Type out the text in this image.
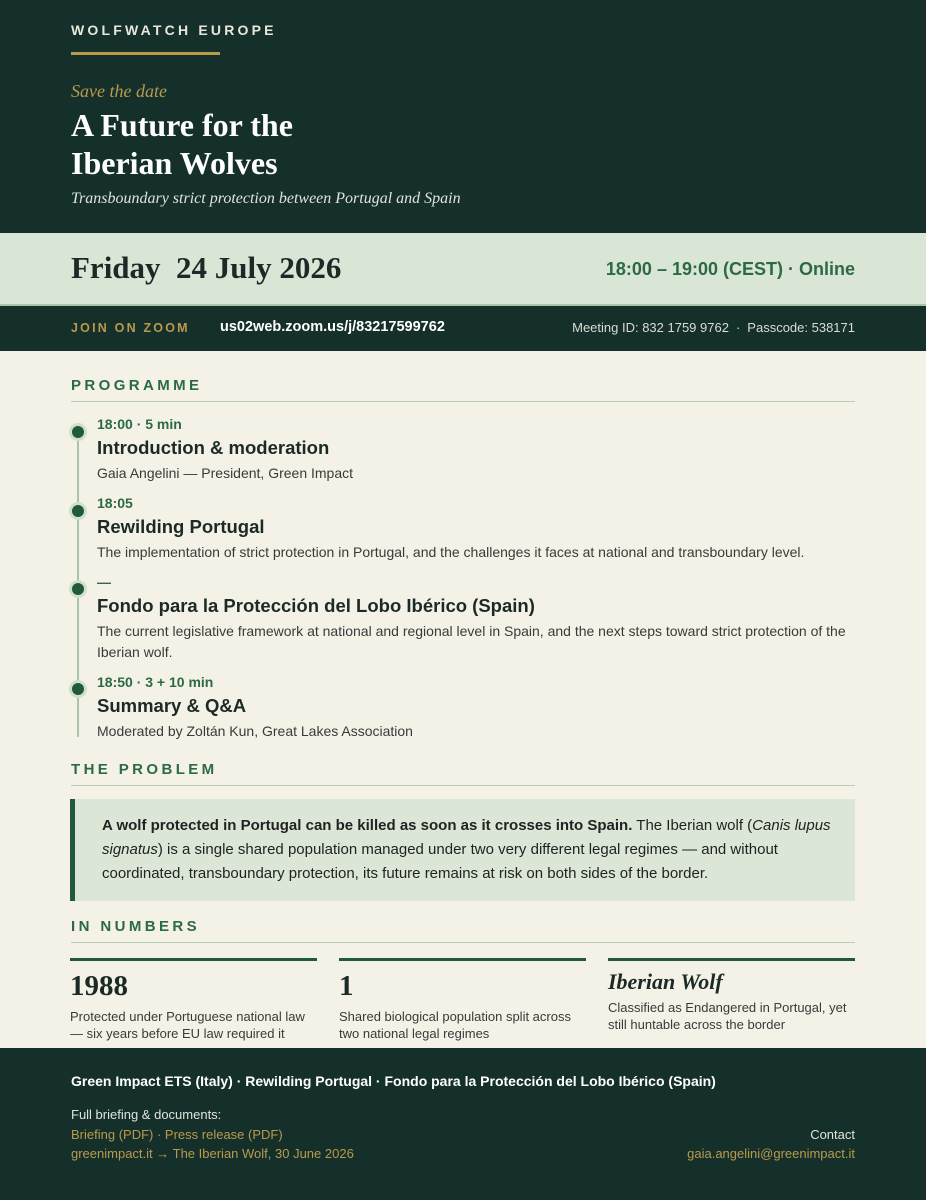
WOLFWATCH EUROPE
Save the date
A Future for the
Iberian Wolves
Transboundary strict protection between Portugal and Spain
Friday  24 July 2026	18:00 – 19:00 (CEST) · Online
JOIN ON ZOOM us02web.zoom.us/j/83217599762	Meeting ID: 832 1759 9762 · Passcode: 538171
PROGRAMME
18:00 · 5 min
Introduction & moderation
Gaia Angelini — President, Green Impact
18:05
Rewilding Portugal
The implementation of strict protection in Portugal, and the challenges it faces at national and transboundary level.
—
Fondo para la Protección del Lobo Ibérico (Spain)
The current legislative framework at national and regional level in Spain, and the next steps toward strict protection of the Iberian wolf.
18:50 · 3 + 10 min
Summary & Q&A
Moderated by Zoltán Kun, Great Lakes Association
THE PROBLEM
A wolf protected in Portugal can be killed as soon as it crosses into Spain. The Iberian wolf (Canis lupus signatus) is a single shared population managed under two very different legal regimes — and without coordinated, transboundary protection, its future remains at risk on both sides of the border.
IN NUMBERS
1988
Protected under Portuguese national law — six years before EU law required it
1
Shared biological population split across two national legal regimes
Iberian Wolf
Classified as Endangered in Portugal, yet still huntable across the border
Green Impact ETS (Italy) · Rewilding Portugal · Fondo para la Protección del Lobo Ibérico (Spain)
Full briefing & documents:
Briefing (PDF) · Press release (PDF)
greenimpact.it → The Iberian Wolf, 30 June 2026
Contact
gaia.angelini@greenimpact.it
